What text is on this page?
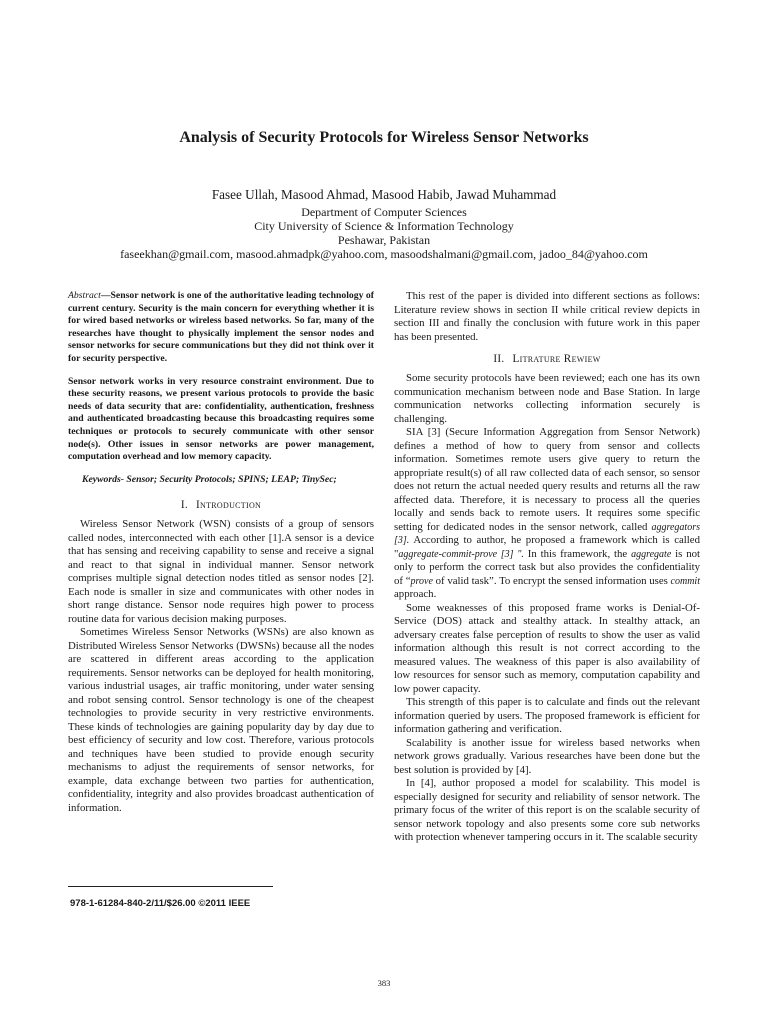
Analysis of Security Protocols for Wireless Sensor Networks
Fasee Ullah, Masood Ahmad, Masood Habib, Jawad Muhammad
Department of Computer Sciences
City University of Science & Information Technology
Peshawar, Pakistan
faseekhan@gmail.com, masood.ahmadpk@yahoo.com, masoodshalmani@gmail.com, jadoo_84@yahoo.com

Abstract—Sensor network is one of the authoritative leading technology of current century. Security is the main concern for everything whether it is for wired based networks or wireless based networks. So far, many of the researches have thought to physically implement the sensor nodes and sensor networks for secure communications but they did not think over it for security perspective.

Sensor network works in very resource constraint environment. Due to these security reasons, we present various protocols to provide the basic needs of data security that are: confidentiality, authentication, freshness and authenticated broadcasting because this broadcasting requires some techniques or protocols to securely communicate with other sensor node(s). Other issues in sensor networks are power management, computation overhead and low memory capacity.

Keywords- Sensor; Security Protocols; SPINS; LEAP; TinySec;

I. Introduction

Wireless Sensor Network (WSN) consists of a group of sensors called nodes, interconnected with each other [1].A sensor is a device that has sensing and receiving capability to sense and receive a signal and react to that signal in individual manner. Sensor network comprises multiple signal detection nodes titled as sensor nodes [2]. Each node is smaller in size and communicates with other nodes in short range distance. Sensor node requires high power to process routine data for various decision making purposes.

Sometimes Wireless Sensor Networks (WSNs) are also known as Distributed Wireless Sensor Networks (DWSNs) because all the nodes are scattered in different areas according to the application requirements. Sensor networks can be deployed for health monitoring, various industrial usages, air traffic monitoring, under water sensing and robot sensing control. Sensor technology is one of the cheapest technologies to provide security in very restrictive environments. These kinds of technologies are gaining popularity day by day due to best efficiency of security and low cost. Therefore, various protocols and techniques have been studied to provide enough security mechanisms to adjust the requirements of sensor networks, for example, data exchange between two parties for authentication, confidentiality, integrity and also provides broadcast authentication of information.

This rest of the paper is divided into different sections as follows: Literature review shows in section II while critical review depicts in section III and finally the conclusion with future work in this paper has been presented.

II. Litrature Rewiew

Some security protocols have been reviewed; each one has its own communication mechanism between node and Base Station. In large communication networks collecting information securely is challenging.

SIA [3] (Secure Information Aggregation from Sensor Network) defines a method of how to query from sensor and collects information. Sometimes remote users give query to return the appropriate result(s) of all raw collected data of each sensor, so sensor does not return the actual needed query results and returns all the raw affected data. Therefore, it is necessary to process all the queries locally and sends back to remote users. It requires some specific setting for dedicated nodes in the sensor network, called aggregators [3]. According to author, he proposed a framework which is called "aggregate-commit-prove [3] ". In this framework, the aggregate is not only to perform the correct task but also provides the confidentiality of “prove of valid task”. To encrypt the sensed information uses commit approach.

Some weaknesses of this proposed frame works is Denial-Of-Service (DOS) attack and stealthy attack. In stealthy attack, an adversary creates false perception of results to show the user as valid information although this result is not correct according to the measured values. The weakness of this paper is also availability of low resources for sensor such as memory, computation capability and low power capacity.

This strength of this paper is to calculate and finds out the relevant information queried by users. The proposed framework is efficient for information gathering and verification.

Scalability is another issue for wireless based networks when network grows gradually. Various researches have been done but the best solution is provided by [4].

In [4], author proposed a model for scalability. This model is especially designed for security and reliability of sensor network. The primary focus of the writer of this report is on the scalable security of sensor network topology and also presents some core sub networks with protection whenever tampering occurs in it. The scalable security

978-1-61284-840-2/11/$26.00 ©2011 IEEE
383
